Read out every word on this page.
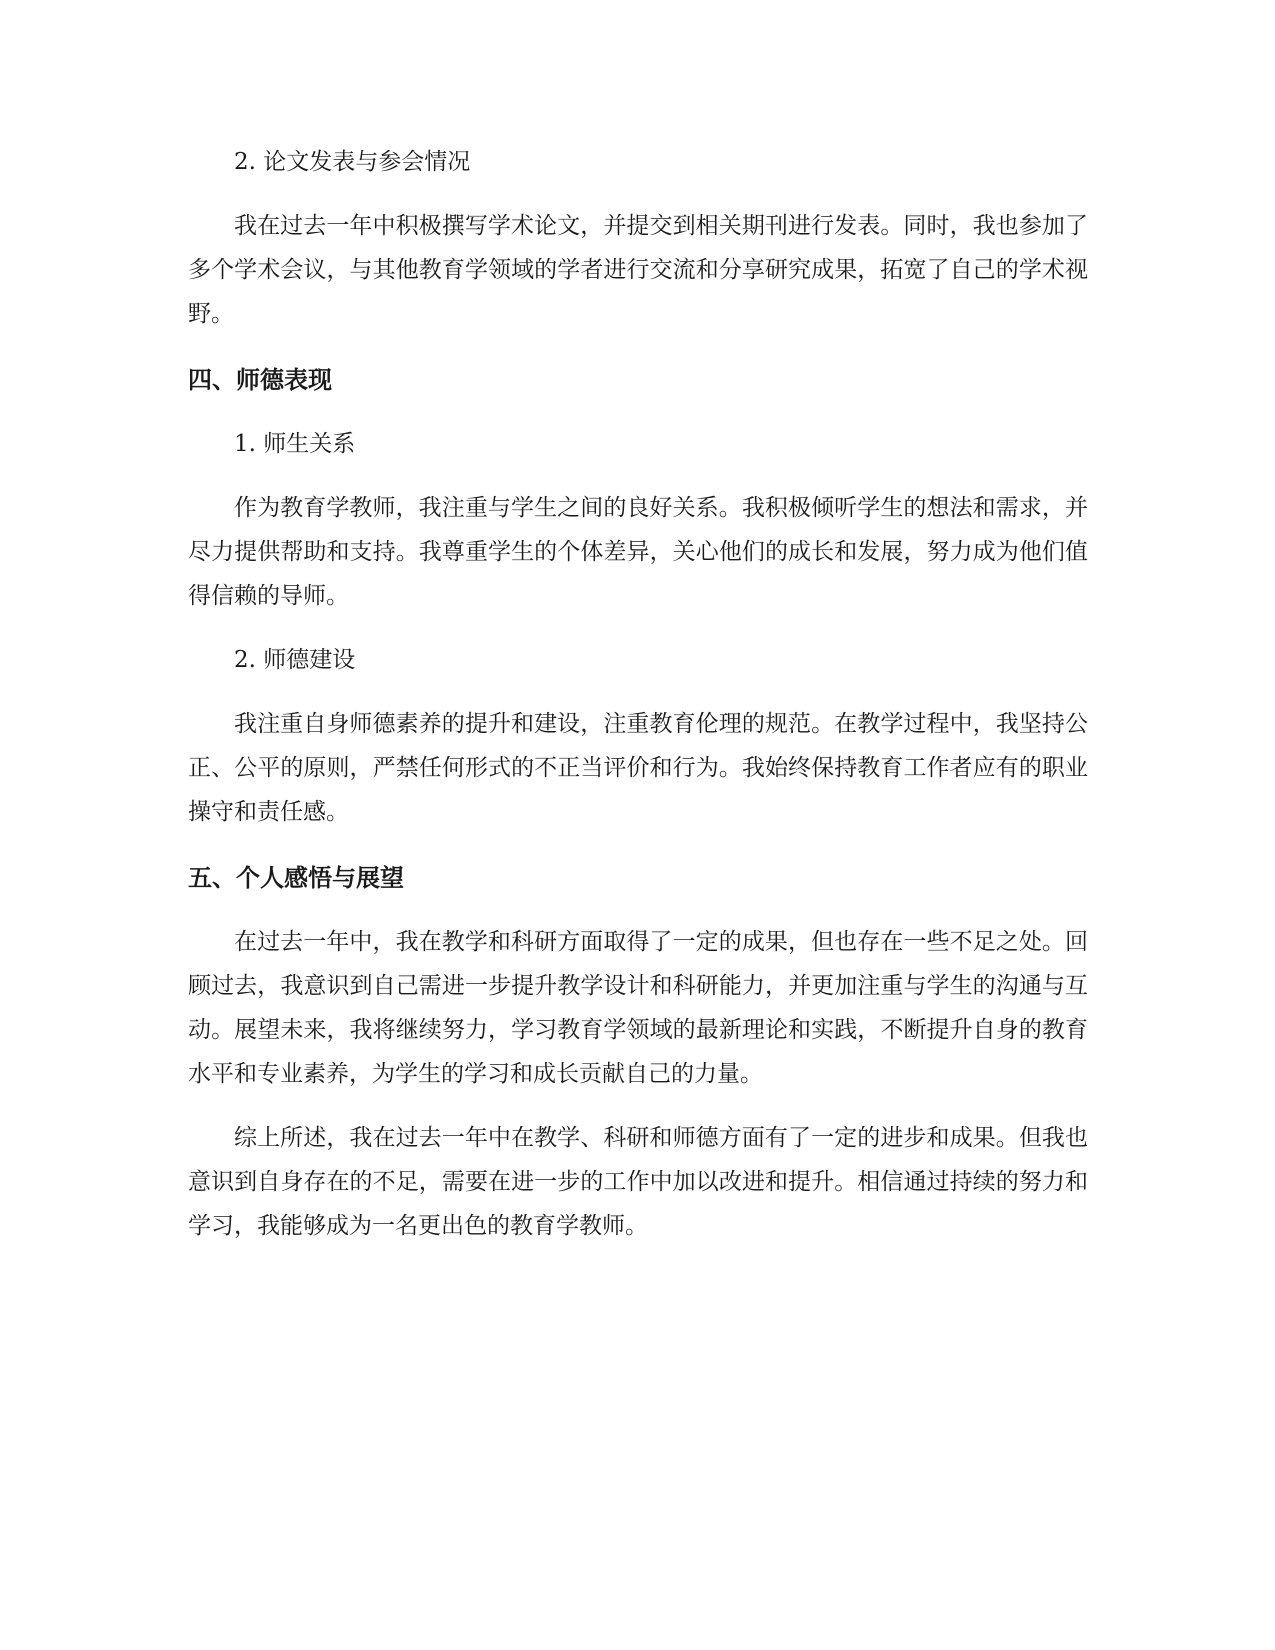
2. 论文发表与参会情况

我在过去一年中积极撰写学术论文，并提交到相关期刊进行发表。同时，我也参加了多个学术会议，与其他教育学领域的学者进行交流和分享研究成果，拓宽了自己的学术视野。

四、师德表现

1. 师生关系

作为教育学教师，我注重与学生之间的良好关系。我积极倾听学生的想法和需求，并尽力提供帮助和支持。我尊重学生的个体差异，关心他们的成长和发展，努力成为他们值得信赖的导师。

2. 师德建设

我注重自身师德素养的提升和建设，注重教育伦理的规范。在教学过程中，我坚持公正、公平的原则，严禁任何形式的不正当评价和行为。我始终保持教育工作者应有的职业操守和责任感。

五、个人感悟与展望

在过去一年中，我在教学和科研方面取得了一定的成果，但也存在一些不足之处。回顾过去，我意识到自己需进一步提升教学设计和科研能力，并更加注重与学生的沟通与互动。展望未来，我将继续努力，学习教育学领域的最新理论和实践，不断提升自身的教育水平和专业素养，为学生的学习和成长贡献自己的力量。

综上所述，我在过去一年中在教学、科研和师德方面有了一定的进步和成果。但我也意识到自身存在的不足，需要在进一步的工作中加以改进和提升。相信通过持续的努力和学习，我能够成为一名更出色的教育学教师。
